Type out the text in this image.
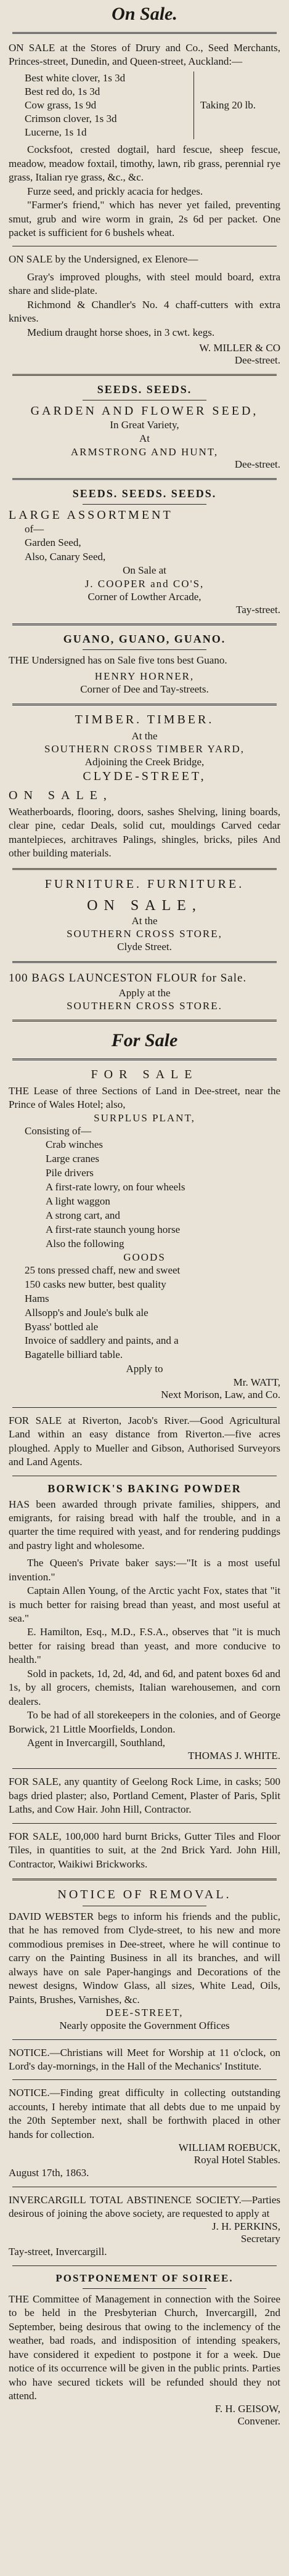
On Sale.

ON SALE at the Stores of Drury and Co., Seed Merchants, Princes-street, Dunedin, and Queen-street, Auckland:—

Best white clover, 1s 3d
Best red do, 1s 3d
Cow grass, 1s 9d
Crimson clover, 1s 3d
Lucerne, 1s 1d
Taking 20 lb.

Cocksfoot, crested dogtail, hard fescue, sheep fescue, meadow, meadow foxtail, timothy, lawn, rib grass, perennial rye grass, Italian rye grass, &c., &c.

Furze seed, and prickly acacia for hedges.

"Farmer's friend," which has never yet failed, preventing smut, grub and wire worm in grain, 2s 6d per packet. One packet is sufficient for 6 bushels wheat.

ON SALE by the Undersigned, ex Elenore—

Gray's improved ploughs, with steel mould board, extra share and slide-plate.

Richmond & Chandler's No. 4 chaff-cutters with extra knives.

Medium draught horse shoes, in 3 cwt. kegs.

W. MILLER & CO

Dee-street.

SEEDS. SEEDS.

GARDEN AND FLOWER SEED,

In Great Variety,

At

ARMSTRONG AND HUNT,

Dee-street.

SEEDS. SEEDS. SEEDS.

LARGE ASSORTMENT

of—

Garden Seed,

Also, Canary Seed,

On Sale at

J. COOPER and CO'S,

Corner of Lowther Arcade,

Tay-street.

GUANO, GUANO, GUANO.

THE Undersigned has on Sale five tons best Guano.

HENRY HORNER,

Corner of Dee and Tay-streets.

TIMBER. TIMBER.

At the

SOUTHERN CROSS TIMBER YARD,

Adjoining the Creek Bridge,

CLYDE-STREET,

ON SALE,

Weatherboards, flooring, doors, sashes Shelving, lining boards, clear pine, cedar Deals, solid cut, mouldings Carved cedar mantelpieces, architraves Palings, shingles, bricks, piles And other building materials.

FURNITURE. FURNITURE.

ON SALE,

At the

SOUTHERN CROSS STORE,

Clyde Street.

100 BAGS LAUNCESTON FLOUR for Sale.

Apply at the

SOUTHERN CROSS STORE.

For Sale

FOR SALE

THE Lease of three Sections of Land in Dee-street, near the Prince of Wales Hotel; also,

SURPLUS PLANT,

Consisting of—

Crab winches
Large cranes
Pile drivers
A first-rate lowry, on four wheels
A light waggon
A strong cart, and
A first-rate staunch young horse
Also the following

GOODS

25 tons pressed chaff, new and sweet
150 casks new butter, best quality
Hams
Allsopp's and Joule's bulk ale
Byass' bottled ale
Invoice of saddlery and paints, and a
Bagatelle billiard table.

Apply to

Mr. WATT,

Next Morison, Law, and Co.

FOR SALE at Riverton, Jacob's River.—Good Agricultural Land within an easy distance from Riverton.—five acres ploughed. Apply to Mueller and Gibson, Authorised Surveyors and Land Agents.

BORWICK'S BAKING POWDER

HAS been awarded through private families, shippers, and emigrants, for raising bread with half the trouble, and in a quarter the time required with yeast, and for rendering puddings and pastry light and wholesome.

The Queen's Private baker says:—"It is a most useful invention."

Captain Allen Young, of the Arctic yacht Fox, states that "it is much better for raising bread than yeast, and most useful at sea."

E. Hamilton, Esq., M.D., F.S.A., observes that "it is much better for raising bread than yeast, and more conducive to health."

Sold in packets, 1d, 2d, 4d, and 6d, and patent boxes 6d and 1s, by all grocers, chemists, Italian warehousemen, and corn dealers.

To be had of all storekeepers in the colonies, and of George Borwick, 21 Little Moorfields, London.

Agent in Invercargill, Southland,

THOMAS J. WHITE.

FOR SALE, any quantity of Geelong Rock Lime, in casks; 500 bags dried plaster; also, Portland Cement, Plaster of Paris, Split Laths, and Cow Hair. John Hill, Contractor.

FOR SALE, 100,000 hard burnt Bricks, Gutter Tiles and Floor Tiles, in quantities to suit, at the 2nd Brick Yard. John Hill, Contractor, Waikiwi Brickworks.

NOTICE OF REMOVAL.

DAVID WEBSTER begs to inform his friends and the public, that he has removed from Clyde-street, to his new and more commodious premises in Dee-street, where he will continue to carry on the Painting Business in all its branches, and will always have on sale Paper-hangings and Decorations of the newest designs, Window Glass, all sizes, White Lead, Oils, Paints, Brushes, Varnishes, &c.

DEE-STREET,

Nearly opposite the Government Offices

NOTICE.—Christians will Meet for Worship at 11 o'clock, on Lord's day-mornings, in the Hall of the Mechanics' Institute.

NOTICE.—Finding great difficulty in collecting outstanding accounts, I hereby intimate that all debts due to me unpaid by the 20th September next, shall be forthwith placed in other hands for collection.

WILLIAM ROEBUCK,

Royal Hotel Stables.

August 17th, 1863.

INVERCARGILL TOTAL ABSTINENCE SOCIETY.—Parties desirous of joining the above society, are requested to apply at

J. H. PERKINS,

Secretary

Tay-street, Invercargill.

POSTPONEMENT OF SOIREE.

THE Committee of Management in connection with the Soiree to be held in the Presbyterian Church, Invercargill, 2nd September, being desirous that owing to the inclemency of the weather, bad roads, and indisposition of intending speakers, have considered it expedient to postpone it for a week. Due notice of its occurrence will be given in the public prints. Parties who have secured tickets will be refunded should they not attend.

F. H. GEISOW,

Convener.
